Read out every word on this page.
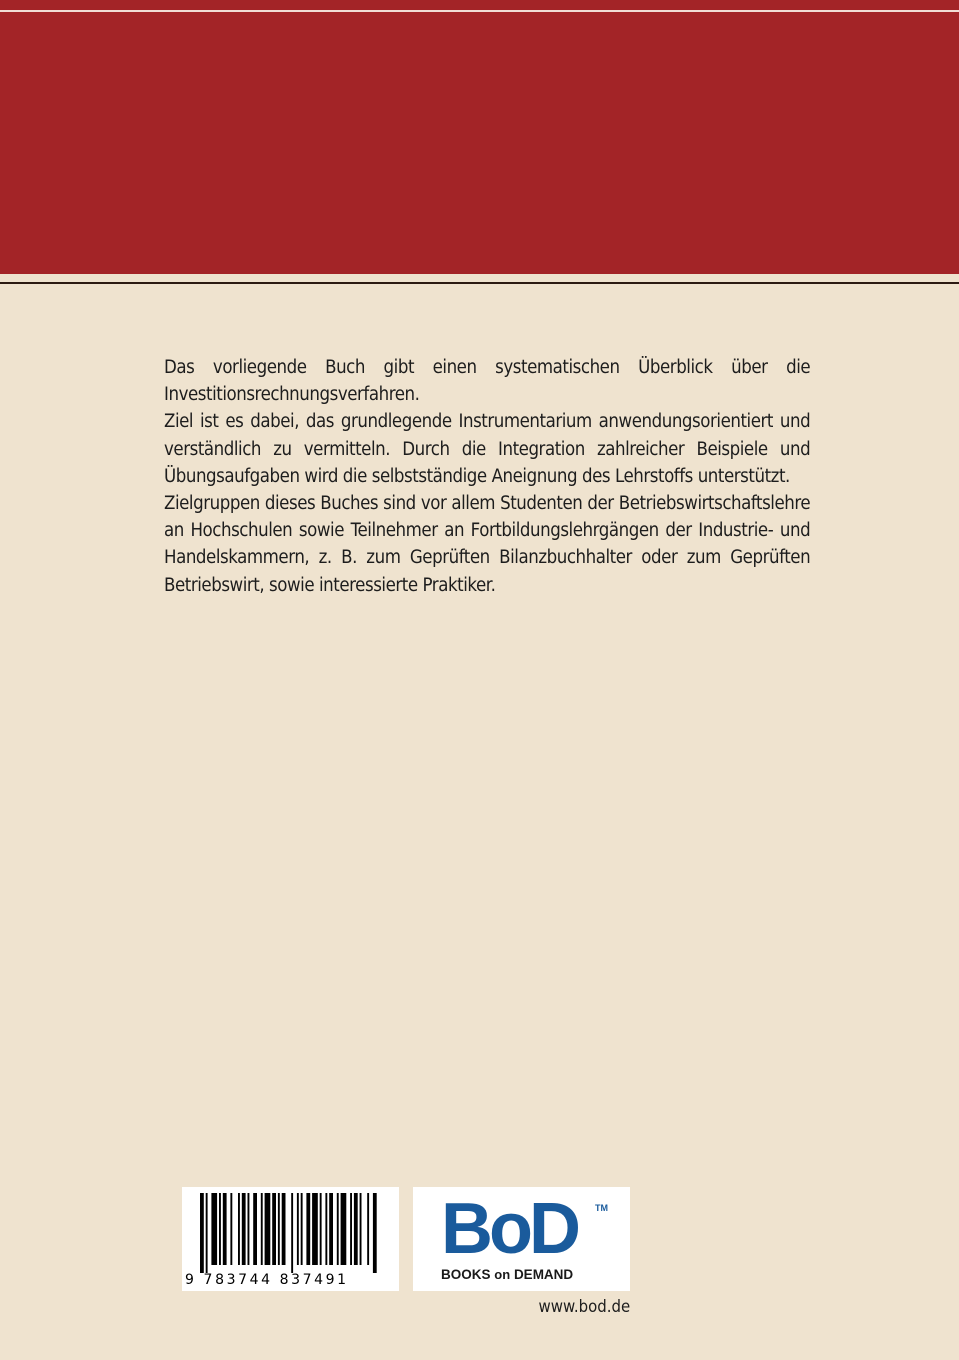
Das vorliegende Buch gibt einen systematischen Überblick über die Investitionsrechnungsverfahren.

Ziel ist es dabei, das grundlegende Instrumentarium anwendungsorientiert und verständlich zu vermitteln. Durch die Integration zahlreicher Beispiele und Übungsaufgaben wird die selbstständige Aneignung des Lehrstoffs unterstützt.

Zielgruppen dieses Buches sind vor allem Studenten der Betriebswirtschaftslehre an Hochschulen sowie Teilnehmer an Fortbildungslehrgängen der Industrie- und Handelskammern, z. B. zum Geprüften Bilanzbuchhalter oder zum Geprüften Betriebswirt, sowie interessierte Praktiker.

9 783744 837491
BoD TM
BOOKS on DEMAND
www.bod.de
